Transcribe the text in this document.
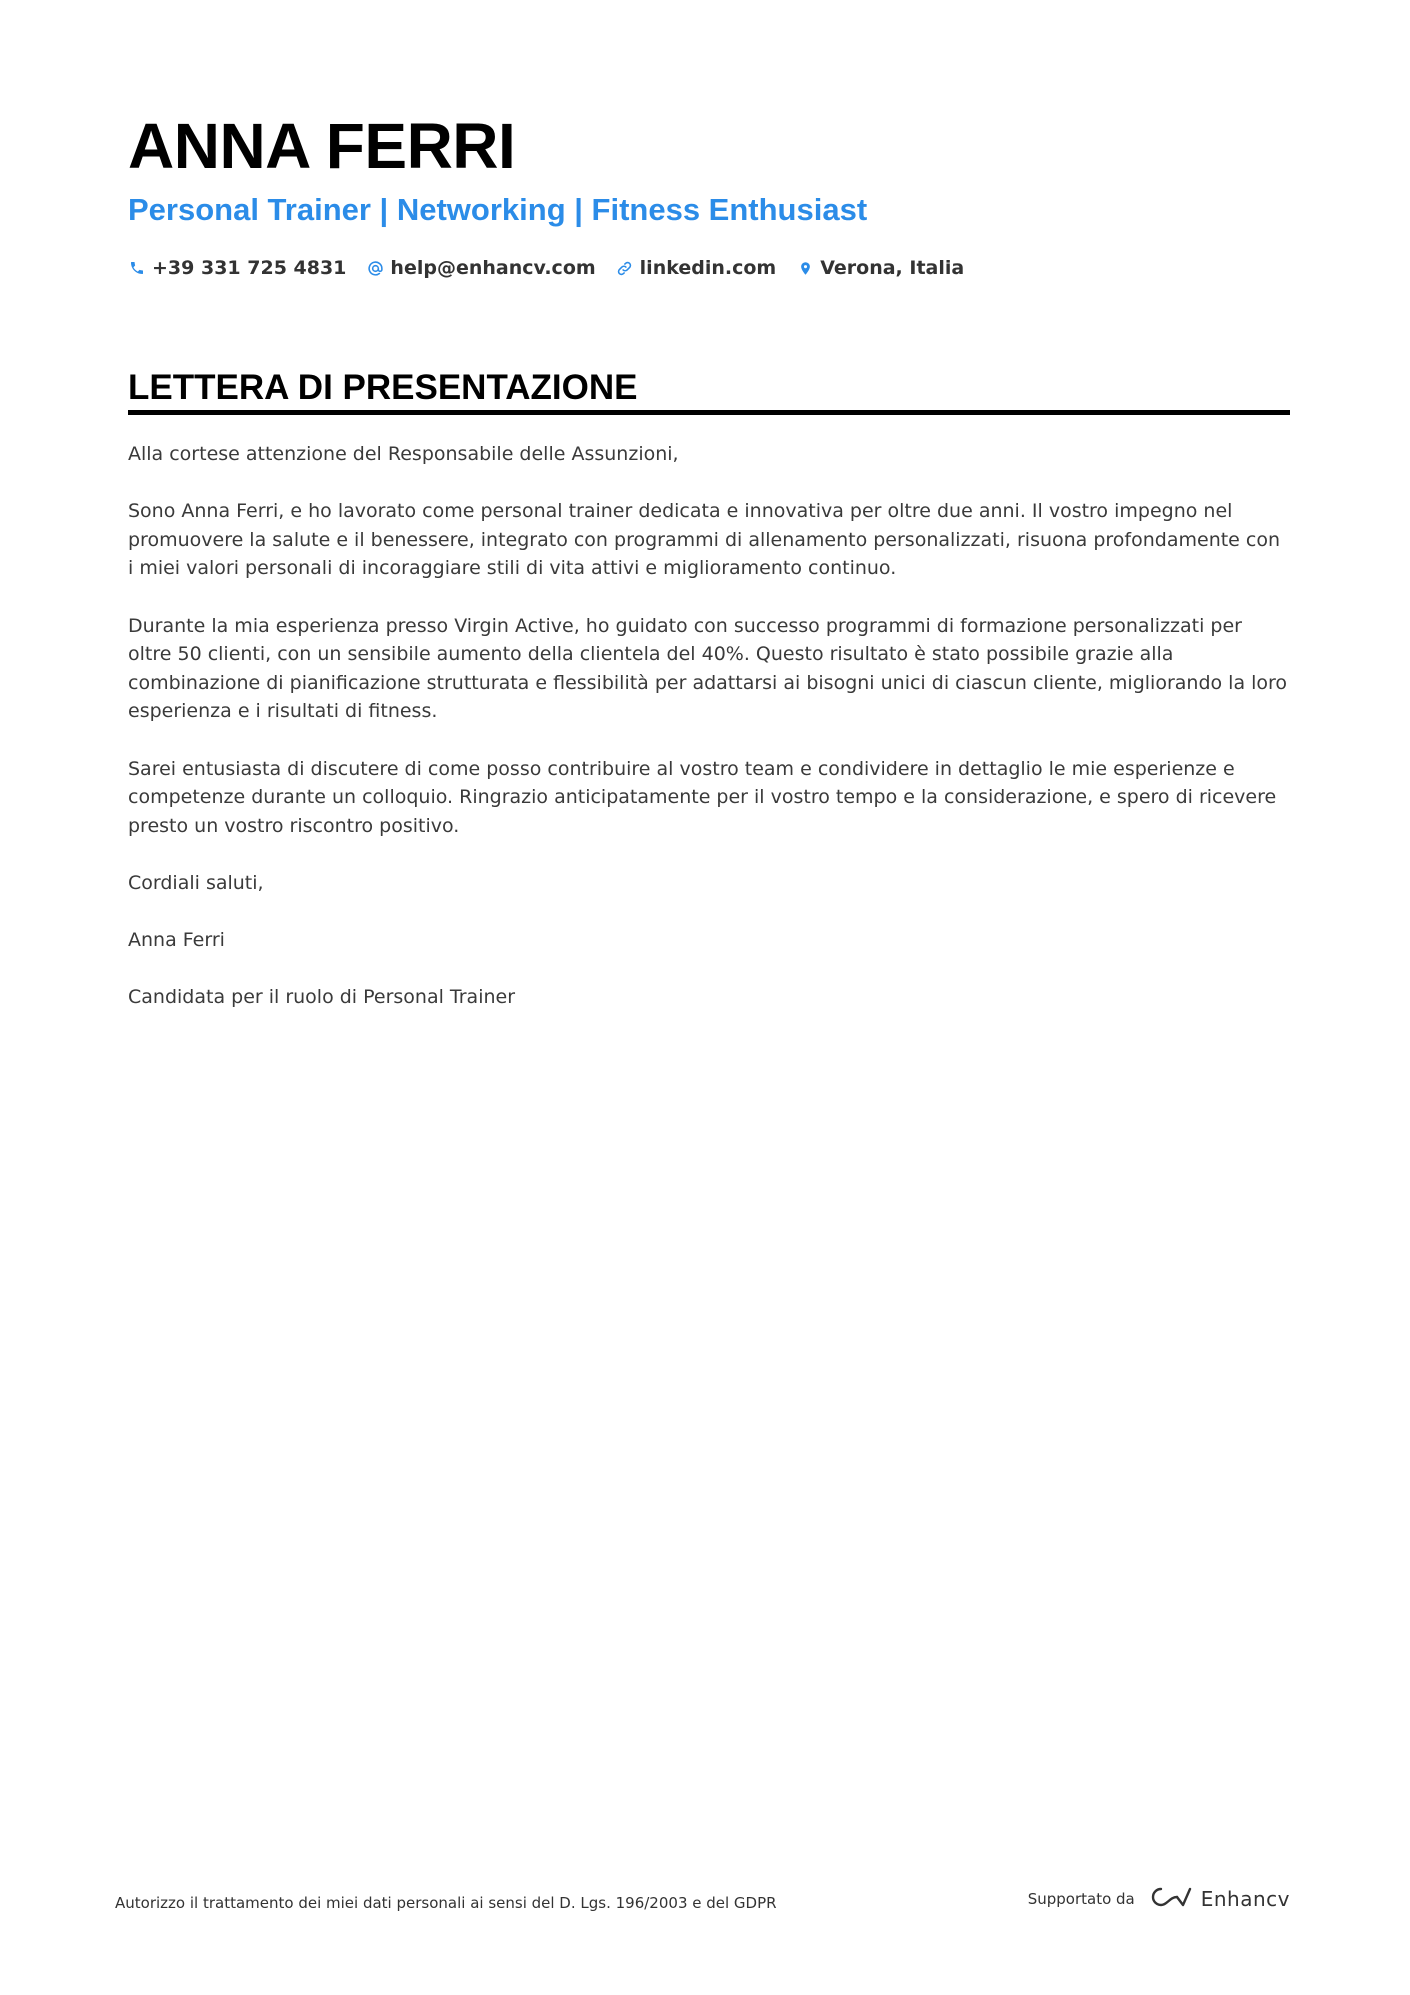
ANNA FERRI
Personal Trainer | Networking | Fitness Enthusiast
+39 331 725 4831 help@enhancv.com linkedin.com Verona, Italia
LETTERA DI PRESENTAZIONE

Alla cortese attenzione del Responsabile delle Assunzioni,

Sono Anna Ferri, e ho lavorato come personal trainer dedicata e innovativa per oltre due anni. Il vostro impegno nel promuovere la salute e il benessere, integrato con programmi di allenamento personalizzati, risuona profondamente con i miei valori personali di incoraggiare stili di vita attivi e miglioramento continuo.

Durante la mia esperienza presso Virgin Active, ho guidato con successo programmi di formazione personalizzati per oltre 50 clienti, con un sensibile aumento della clientela del 40%. Questo risultato è stato possibile grazie alla combinazione di pianificazione strutturata e flessibilità per adattarsi ai bisogni unici di ciascun cliente, migliorando la loro esperienza e i risultati di fitness.

Sarei entusiasta di discutere di come posso contribuire al vostro team e condividere in dettaglio le mie esperienze e competenze durante un colloquio. Ringrazio anticipatamente per il vostro tempo e la considerazione, e spero di ricevere presto un vostro riscontro positivo.

Cordiali saluti,

Anna Ferri

Candidata per il ruolo di Personal Trainer

Autorizzo il trattamento dei miei dati personali ai sensi del D. Lgs. 196/2003 e del GDPR	Supportato da	Enhancv
